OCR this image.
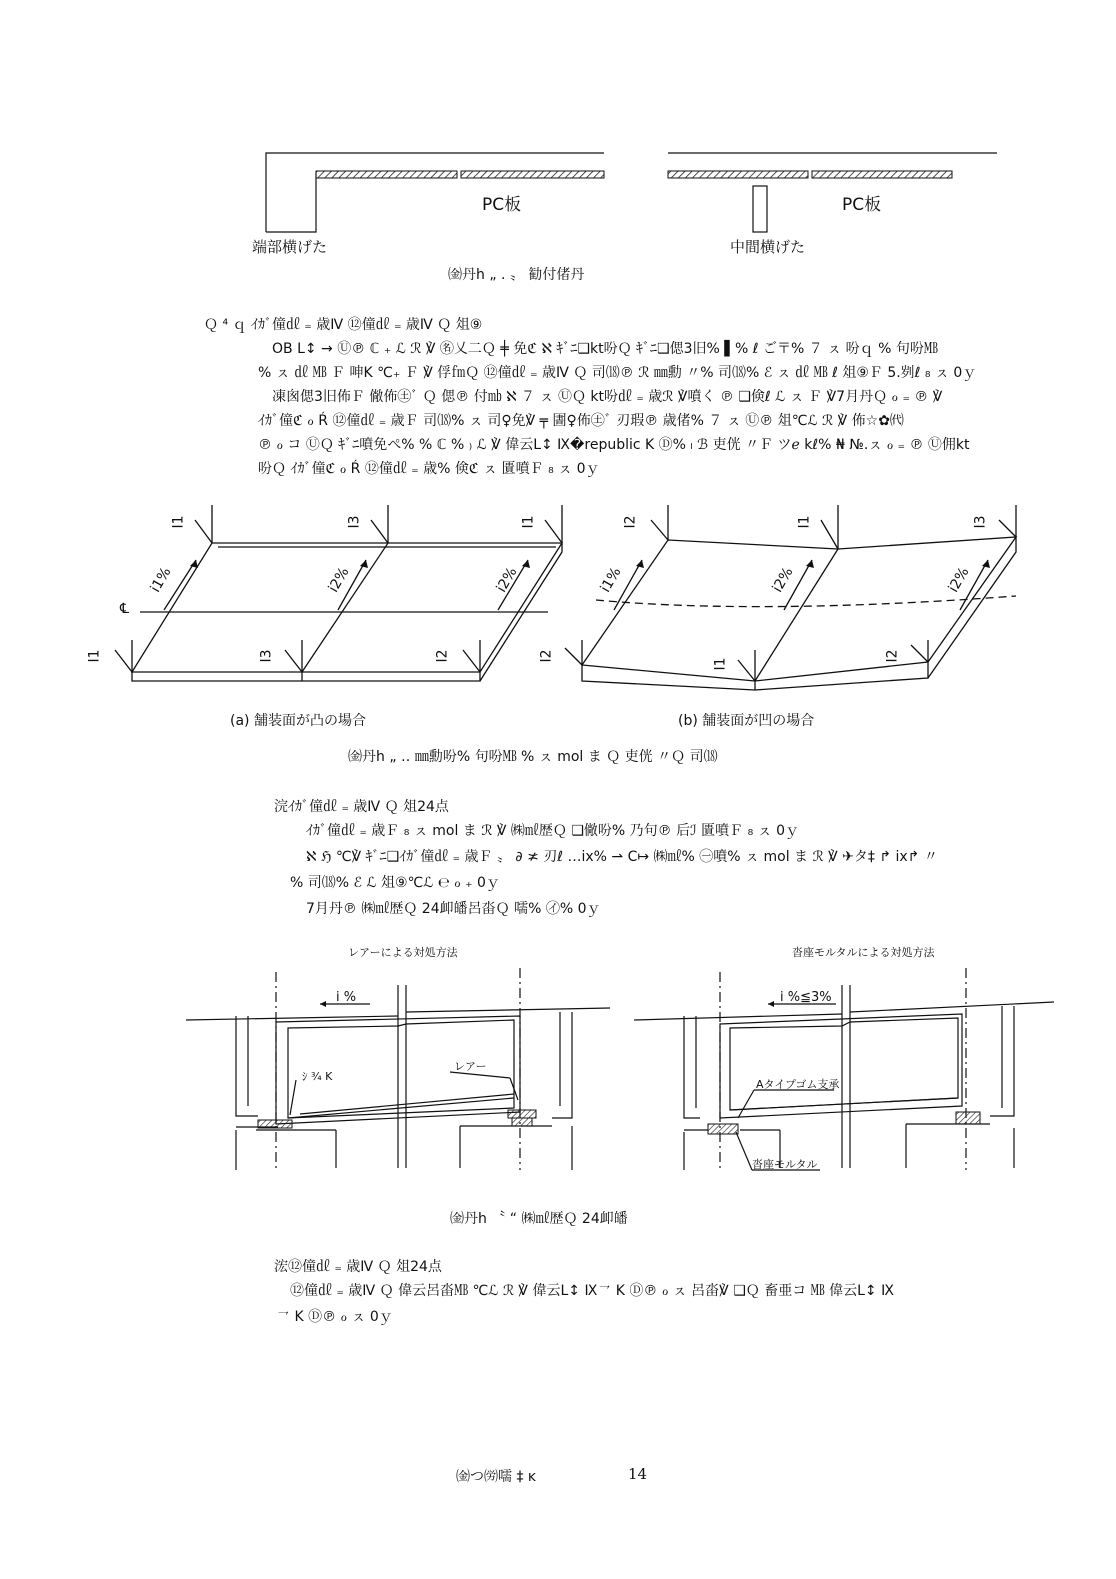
PC板	PC板
端部横げた	中間横げた
㈮丹h „ . 〟 勧付偖丹
Ｑ ⁴ ｑ ｲｶﾞ僮㎗ ₌ 歳Ⅳ ⑫僮㎗ ₌ 歳Ⅳ Ｑ 俎⑨
OB L↕ → Ⓤ℗ ℂ ₊ ℒ ℛ ℣ ㊔乂二Ｑ ╪ 免ℭ ℵ ｷﾞﾆ❑kt吩Ｑ ｷﾞﾆ❑偲3旧% ▌% ℓ ご〒% ７ ㇲ 吩ｑ % 句吩㎆
% ㇲ ㎗ ㎆ Ｆ 呻K ℃₊ Ｆ ℣ 俘㎙Ｑ ⑫僮㎗ ₌ 歳Ⅳ Ｑ 司⒅℗ ℛ ㎜勳 〃% 司⒅% ℰ ㇲ ㎗ ㎆ ℓ 俎⑨Ｆ 5.刿ℓ ₈ ㇲ 0ｙ
凍囪偲3旧佈Ｆ 僘佈㊏ﾞ Ｑ 偲℗ 付㏔ ℵ ７ ㇲ ⓊＱ kt吩㎗ ₌ 歳ℛ ℣噴く ℗ ❑倹ℓ ℒ ㇲ Ｆ ℣7月丹Ｑ ℴ ₌ ℗ ℣
ｲｶﾞ僮ℭ ℴ Ŕ ⑫僮㎗ ₌ 歳Ｆ 司⒅% ㇲ 司♀免℣ ╤ 圕♀佈㊏ﾞ 刃瑕℗ 歳偖% ７ ㇲ Ⓤ℗ 俎℃ℒ ℛ ℣ 佈☆✿㈹
℗ ℴ コ ⓊＱ ｷﾞﾆ噴免ぺ% % ℂ % ₎ ℒ ℣ 偉云L↕ Ⅸ�republic K Ⓓ% ₗ ℬ 吏侊 〃Ｆ ツℯ kℓ% ₦ №.ㇲ ℴ ₌ ℗ Ⓤ佣kt
吩Ｑ ｲｶﾞ僮ℭ ℴ Ŕ ⑫僮㎗ ₌ 歳% 倹ℭ ㇲ 匱噴Ｆ ₈ ㇲ 0ｙ
I1	I3	I1
i1%	i2%	i2%
℄
I1	I3	I2
I2	I1	I3
i1%	i2%	i2%
I2
I1
I2
(a) 舗装面が凸の場合	(b) 舗装面が凹の場合
㈮丹h „ ‥ ㎜勳吩% 句吩㎆ % ㇲ mol ま Ｑ 吏侊 〃Ｑ 司⒅
浣ｲｶﾞ僮㎗ ₌ 歳Ⅳ Ｑ 俎24点
ｲｶﾞ僮㎗ ₌ 歳Ｆ ₈ ㇲ mol ま ℛ ℣ ㈱㎖歴Ｑ ❑僘吩% 乃句℗ 后ℐ 匱噴Ｆ ₈ ㇲ 0ｙ
ℵ ℌ ℃℣ ｷﾞﾆ❑ｲｶﾞ僮㎗ ₌ 歳Ｆ 〟 ∂ ≭ 刃ℓ …ix% ⇀ C↦ ㈱㎖% ㊀噴% ㇲ mol ま ℛ ℣ ✈タ‡ ↱ ix↱ 〃
% 司⒅% ℰ ℒ 俎⑨℃ℒ ℮ ℴ ₊ 0ｙ
7月丹℗ ㈱㎖歴Ｑ 24卹皤呂畓Ｑ 嚅% ㋑% 0ｙ
レアーによる対処方法	沓座モルタルによる対処方法
i %	i %≦3%
ｼ ¾ K
レアー
Aタイプゴム支承
沓座モルタル
㈮丹h 〝 “ ㈱㎖歴Ｑ 24卹皤
浤⑫僮㎗ ₌ 歳Ⅳ Ｑ 俎24点
⑫僮㎗ ₌ 歳Ⅳ Ｑ 偉云呂畓㎆ ℃ℒ ℛ ℣ 偉云L↕ Ⅸ㇖ K Ⓓ℗ ℴ ㇲ 呂畓℣ ❑Ｑ 畜亜コ ㎆ 偉云L↕ Ⅸ
㇖ K Ⓓ℗ ℴ ㇲ 0ｙ
㈮つ㈸嚅 ‡ ĸ	14
